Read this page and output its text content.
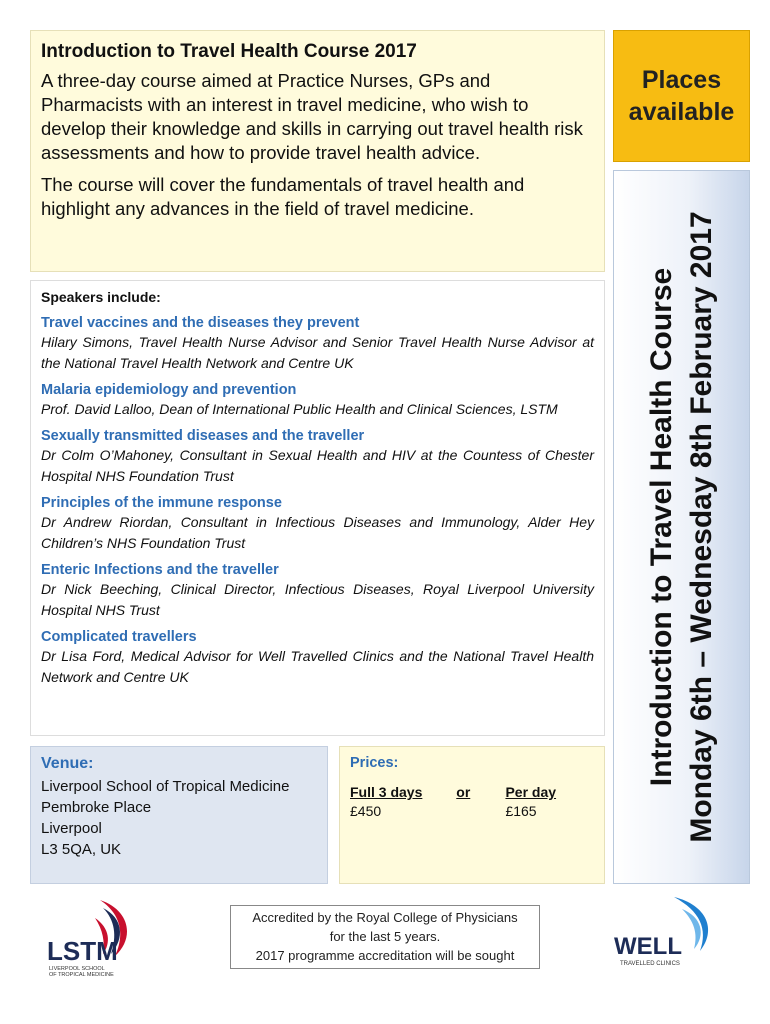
Introduction to Travel Health Course 2017

A three-day course aimed at Practice Nurses, GPs and Pharmacists with an interest in travel medicine, who wish to develop their knowledge and skills in carrying out travel health risk assessments and how to provide travel health advice.

The course will cover the fundamentals of travel health and highlight any advances in the field of travel medicine.

Places
available
Introduction to Travel Health Course Monday 6th – Wednesday 8th February 2017
Speakers include:
Travel vaccines and the diseases they prevent
Hilary Simons, Travel Health Nurse Advisor and Senior Travel Health Nurse Advisor at the National Travel Health Network and Centre UK
Malaria epidemiology and prevention
Prof. David Lalloo, Dean of International Public Health and Clinical Sciences, LSTM
Sexually transmitted diseases and the traveller
Dr Colm O’Mahoney, Consultant in Sexual Health and HIV at the Countess of Chester Hospital NHS Foundation Trust
Principles of the immune response
Dr Andrew Riordan, Consultant in Infectious Diseases and Immunology, Alder Hey Children’s NHS Foundation Trust
Enteric Infections and the traveller
Dr Nick Beeching, Clinical Director, Infectious Diseases, Royal Liverpool University Hospital NHS Trust
Complicated travellers
Dr Lisa Ford, Medical Advisor for Well Travelled Clinics and the National Travel Health Network and Centre UK
Venue:
Liverpool School of Tropical Medicine
Pembroke Place
Liverpool
L3 5QA, UK
Prices:
Full 3 days	or	Per day
£450	£165
Accredited by the Royal College of Physicians
for the last 5 years.
2017 programme accreditation will be sought
LSTM
LIVERPOOL SCHOOL
OF TROPICAL MEDICINE
WELL
TRAVELLED CLINICS
